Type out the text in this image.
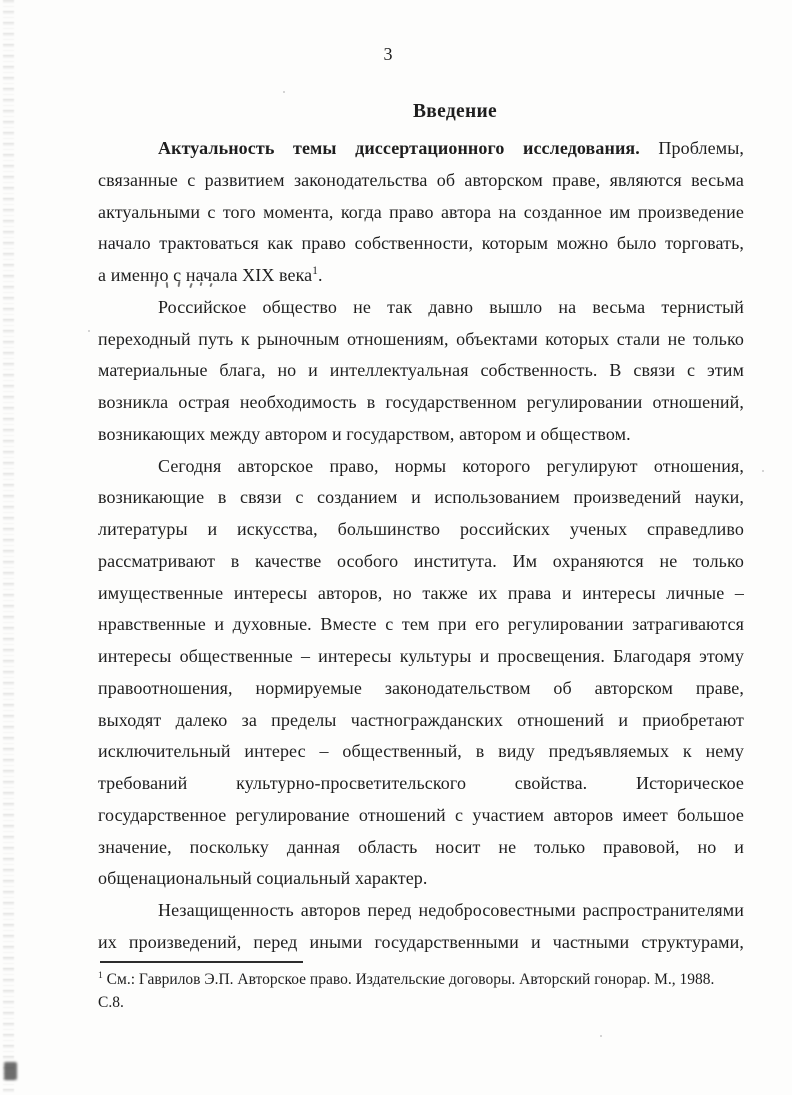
3
Введение
Актуальность темы диссертационного исследования. Проблемы,
связанные с развитием законодательства об авторском праве, являются весьма
актуальными с того момента, когда право автора на созданное им произведение
начало трактоваться как право собственности, которым можно было торговать,
а именно с начала XIX века$^1$.
Российское общество не так давно вышло на весьма тернистый
переходный путь к рыночным отношениям, объектами которых стали не только
материальные блага, но и интеллектуальная собственность. В связи с этим
возникла острая необходимость в государственном регулировании отношений,
возникающих между автором и государством, автором и обществом.
Сегодня авторское право, нормы которого регулируют отношения,
возникающие в связи с созданием и использованием произведений науки,
литературы и искусства, большинство российских ученых справедливо
рассматривают в качестве особого института. Им охраняются не только
имущественные интересы авторов, но также их права и интересы личные –
нравственные и духовные. Вместе с тем при его регулировании затрагиваются
интересы общественные – интересы культуры и просвещения. Благодаря этому
правоотношения, нормируемые законодательством об авторском праве,
выходят далеко за пределы частногражданских отношений и приобретают
исключительный интерес – общественный, в виду предъявляемых к нему
требований культурно-просветительского свойства. Историческое
государственное регулирование отношений с участием авторов имеет большое
значение, поскольку данная область носит не только правовой, но и
общенациональный социальный характер.
Незащищенность авторов перед недобросовестными распространителями
их произведений, перед иными государственными и частными структурами,
$^1$ См.: Гаврилов Э.П. Авторское право. Издательские договоры. Авторский гонорар. М., 1988.
С.8.
